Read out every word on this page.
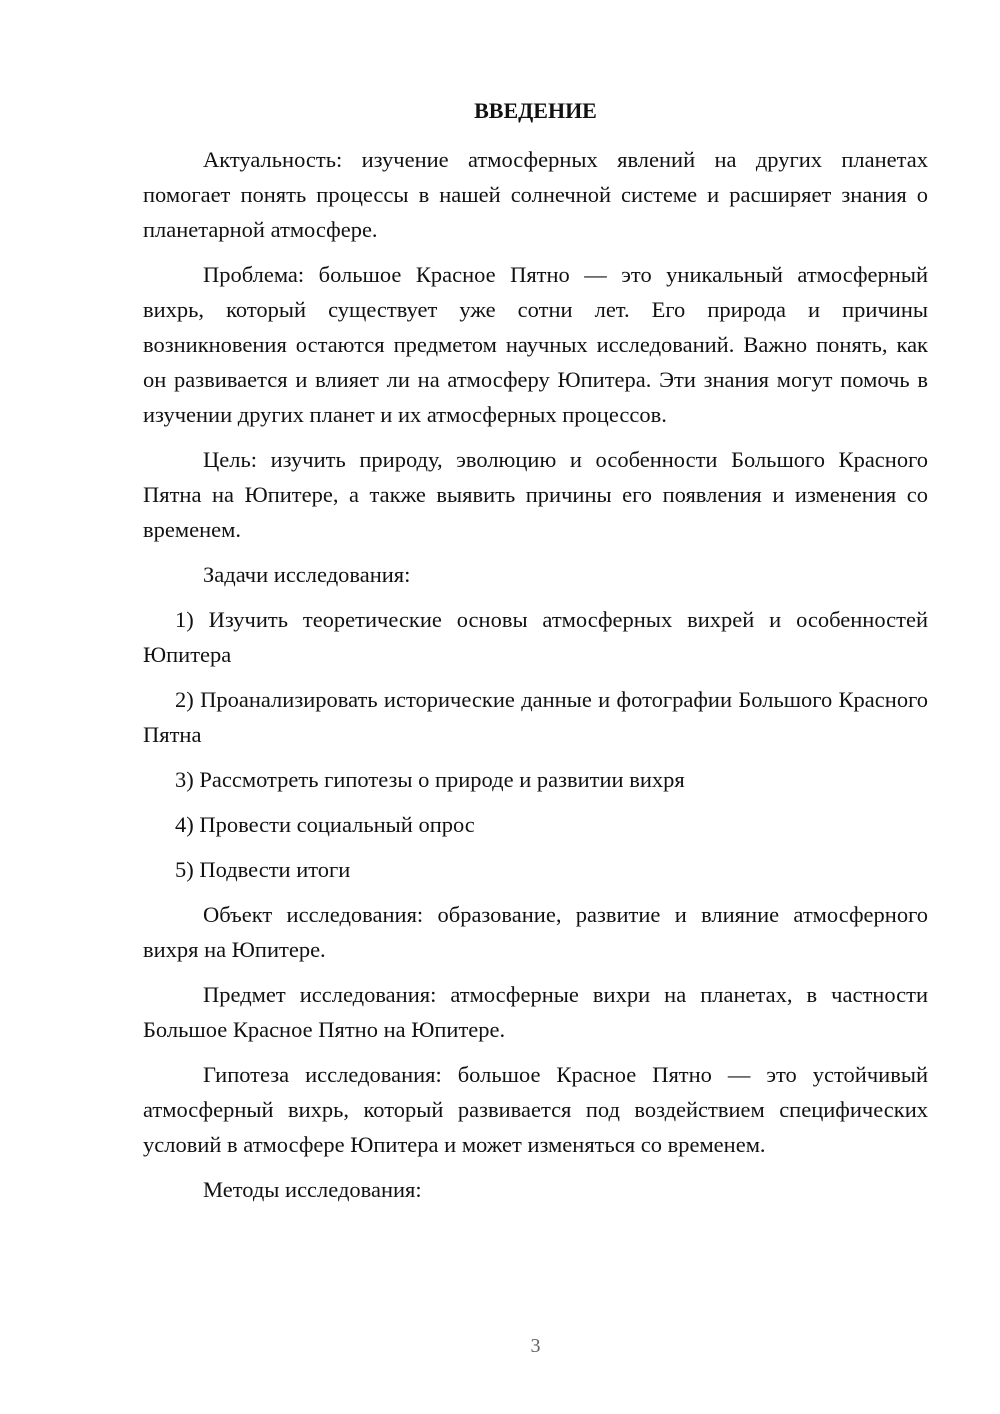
ВВЕДЕНИЕ

Актуальность: изучение атмосферных явлений на других планетах помогает понять процессы в нашей солнечной системе и расширяет знания о планетарной атмосфере.

Проблема: большое Красное Пятно — это уникальный атмосферный вихрь, который существует уже сотни лет. Его природа и причины возникновения остаются предметом научных исследований. Важно понять, как он развивается и влияет ли на атмосферу Юпитера. Эти знания могут помочь в изучении других планет и их атмосферных процессов.

Цель: изучить природу, эволюцию и особенности Большого Красного Пятна на Юпитере, а также выявить причины его появления и изменения со временем.

Задачи исследования:

1) Изучить теоретические основы атмосферных вихрей и особенностей Юпитера

2) Проанализировать исторические данные и фотографии Большого Красного Пятна

3) Рассмотреть гипотезы о природе и развитии вихря

4) Провести социальный опрос

5) Подвести итоги

Объект исследования: образование, развитие и влияние атмосферного вихря на Юпитере.

Предмет исследования: атмосферные вихри на планетах, в частности Большое Красное Пятно на Юпитере.

Гипотеза исследования: большое Красное Пятно — это устойчивый атмосферный вихрь, который развивается под воздействием специфических условий в атмосфере Юпитера и может изменяться со временем.

Методы исследования:

3
